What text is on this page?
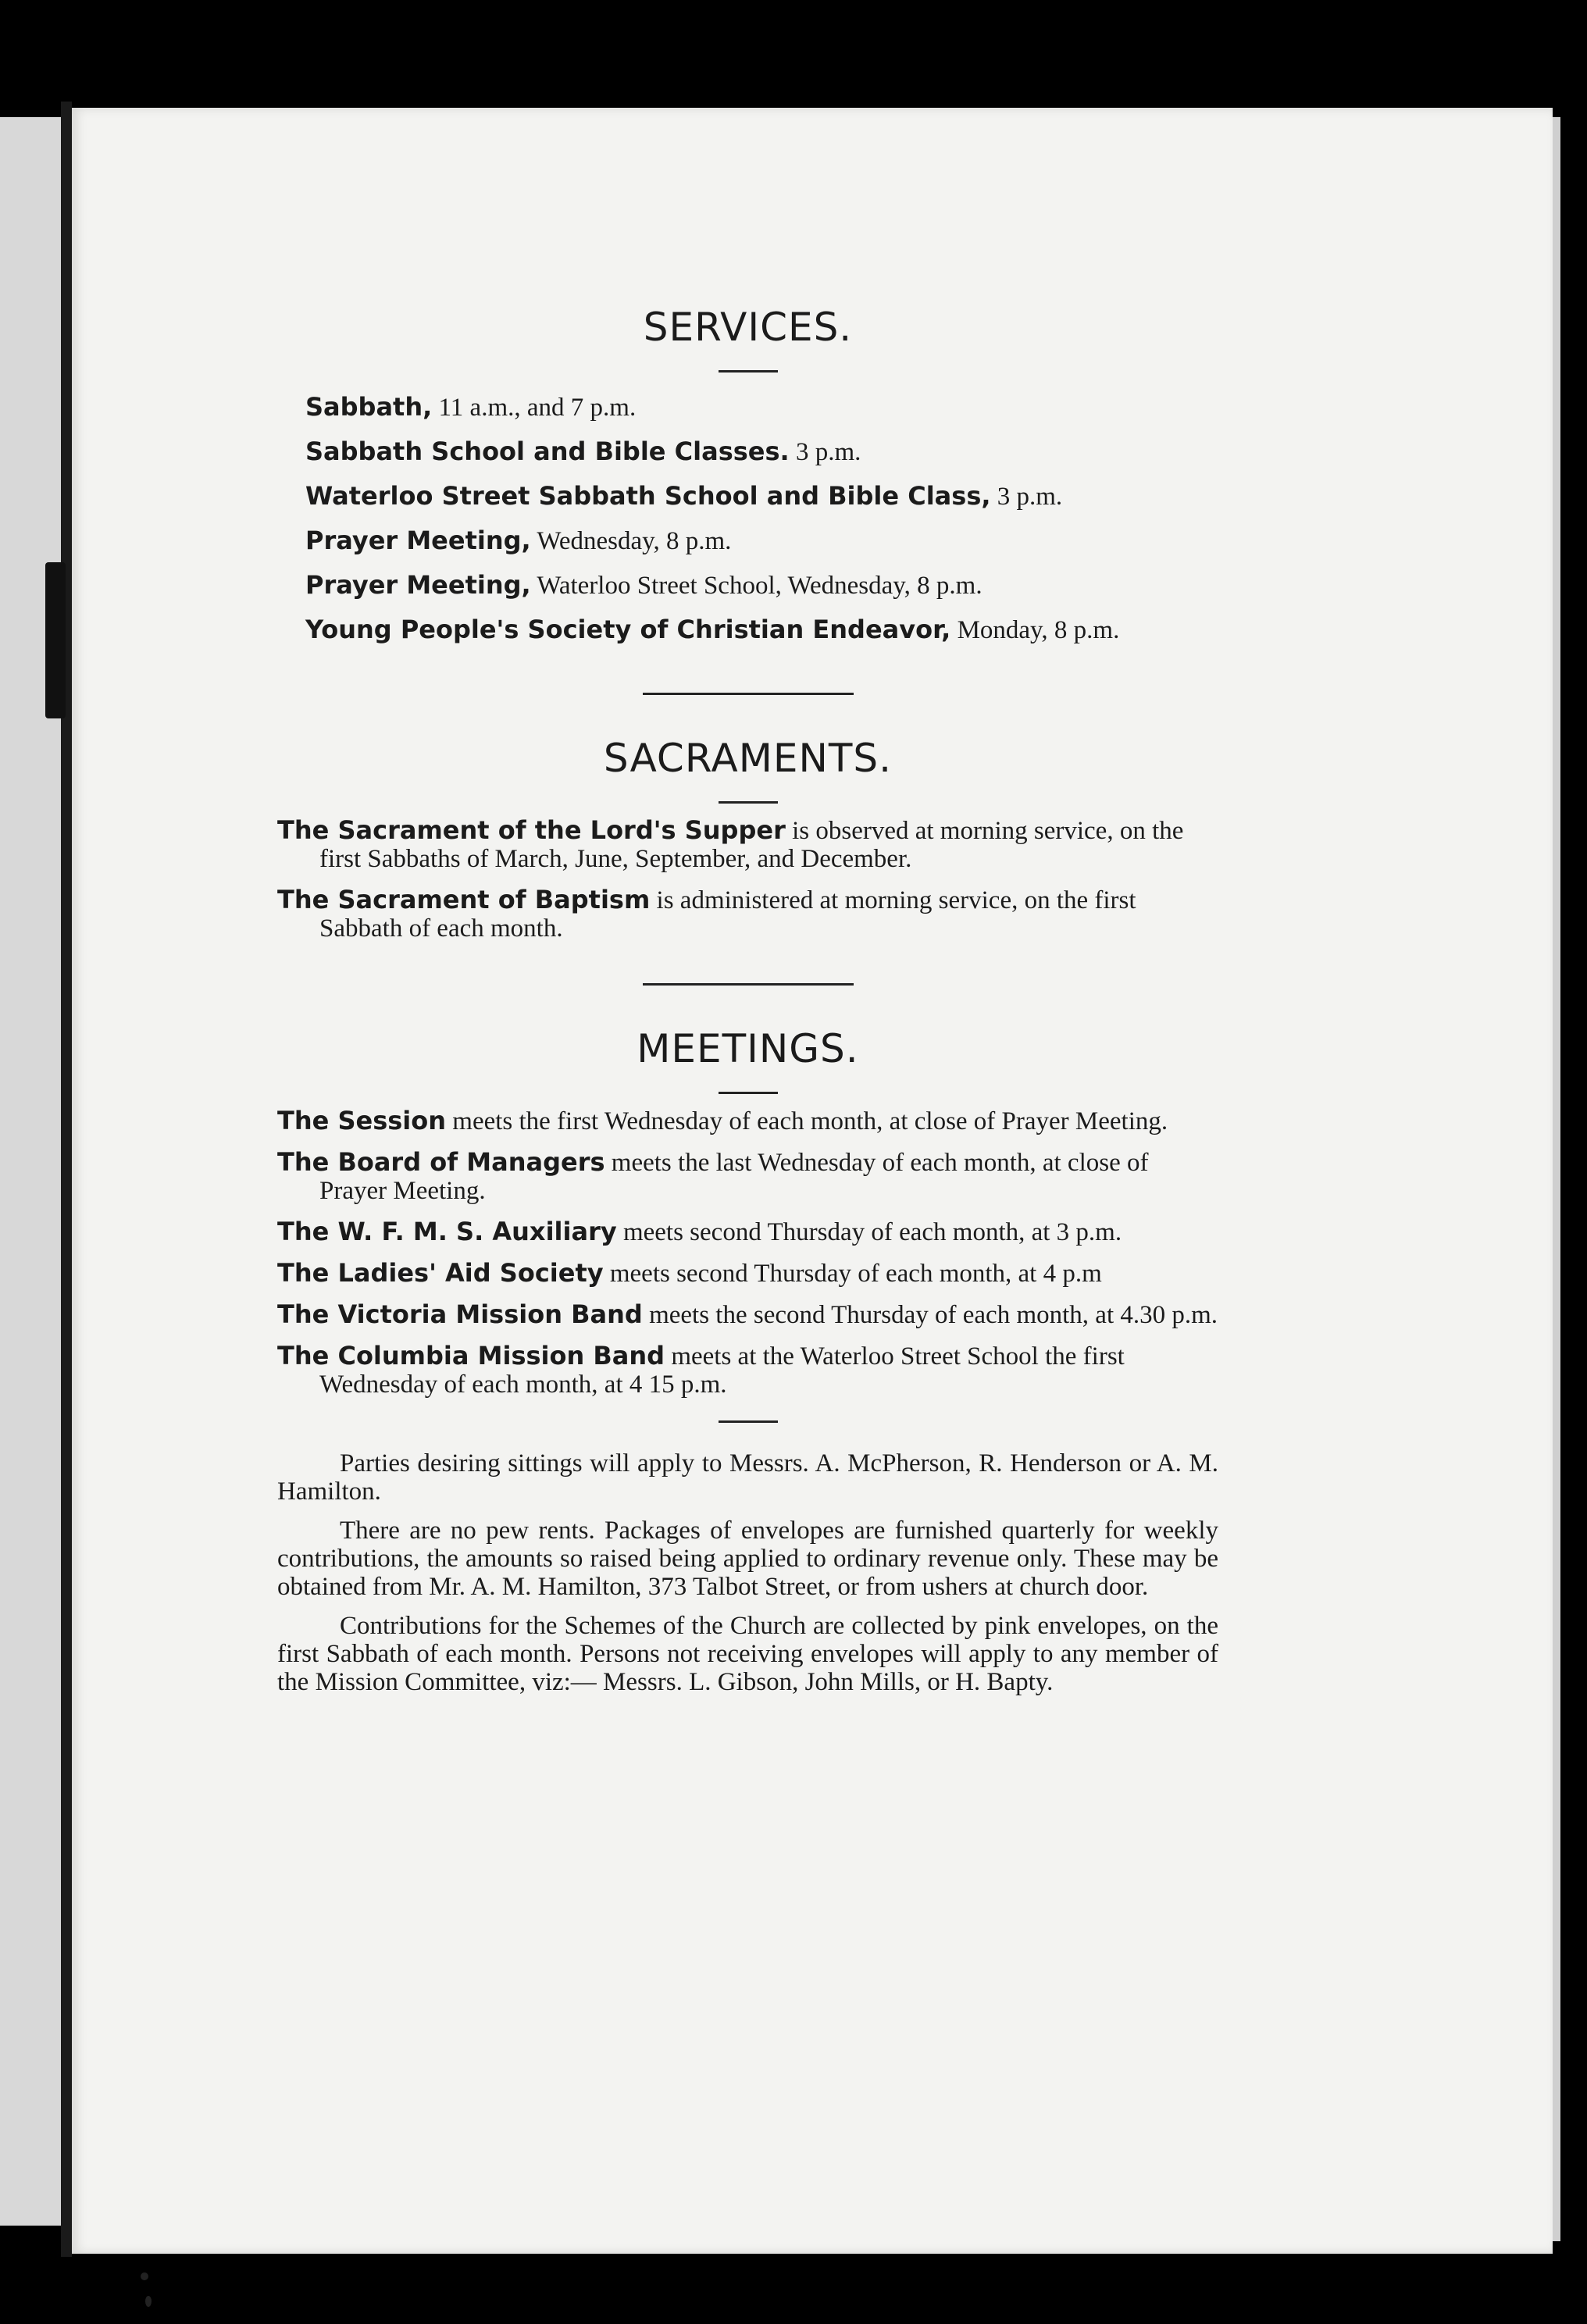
SERVICES.
Sabbath, 11 a.m., and 7 p.m.
Sabbath School and Bible Classes. 3 p.m.
Waterloo Street Sabbath School and Bible Class, 3 p.m.
Prayer Meeting, Wednesday, 8 p.m.
Prayer Meeting, Waterloo Street School, Wednesday, 8 p.m.
Young People's Society of Christian Endeavor, Monday, 8 p.m.
SACRAMENTS.
The Sacrament of the Lord's Supper is observed at morning service, on the first Sabbaths of March, June, September, and December.
The Sacrament of Baptism is administered at morning service, on the first Sabbath of each month.
MEETINGS.
The Session meets the first Wednesday of each month, at close of Prayer Meeting.
The Board of Managers meets the last Wednesday of each month, at close of Prayer Meeting.
The W. F. M. S. Auxiliary meets second Thursday of each month, at 3 p.m.
The Ladies' Aid Society meets second Thursday of each month, at 4 p.m
The Victoria Mission Band meets the second Thursday of each month, at 4.30 p.m.
The Columbia Mission Band meets at the Waterloo Street School the first Wednesday of each month, at 4 15 p.m.

Parties desiring sittings will apply to Messrs. A. McPherson, R. Henderson or A. M. Hamilton.

There are no pew rents. Packages of envelopes are furnished quarterly for weekly contributions, the amounts so raised being applied to ordinary revenue only. These may be obtained from Mr. A. M. Hamilton, 373 Talbot Street, or from ushers at church door.

Contributions for the Schemes of the Church are collected by pink envelopes, on the first Sabbath of each month. Persons not receiving envelopes will apply to any member of the Mission Committee, viz:— Messrs. L. Gibson, John Mills, or H. Bapty.
